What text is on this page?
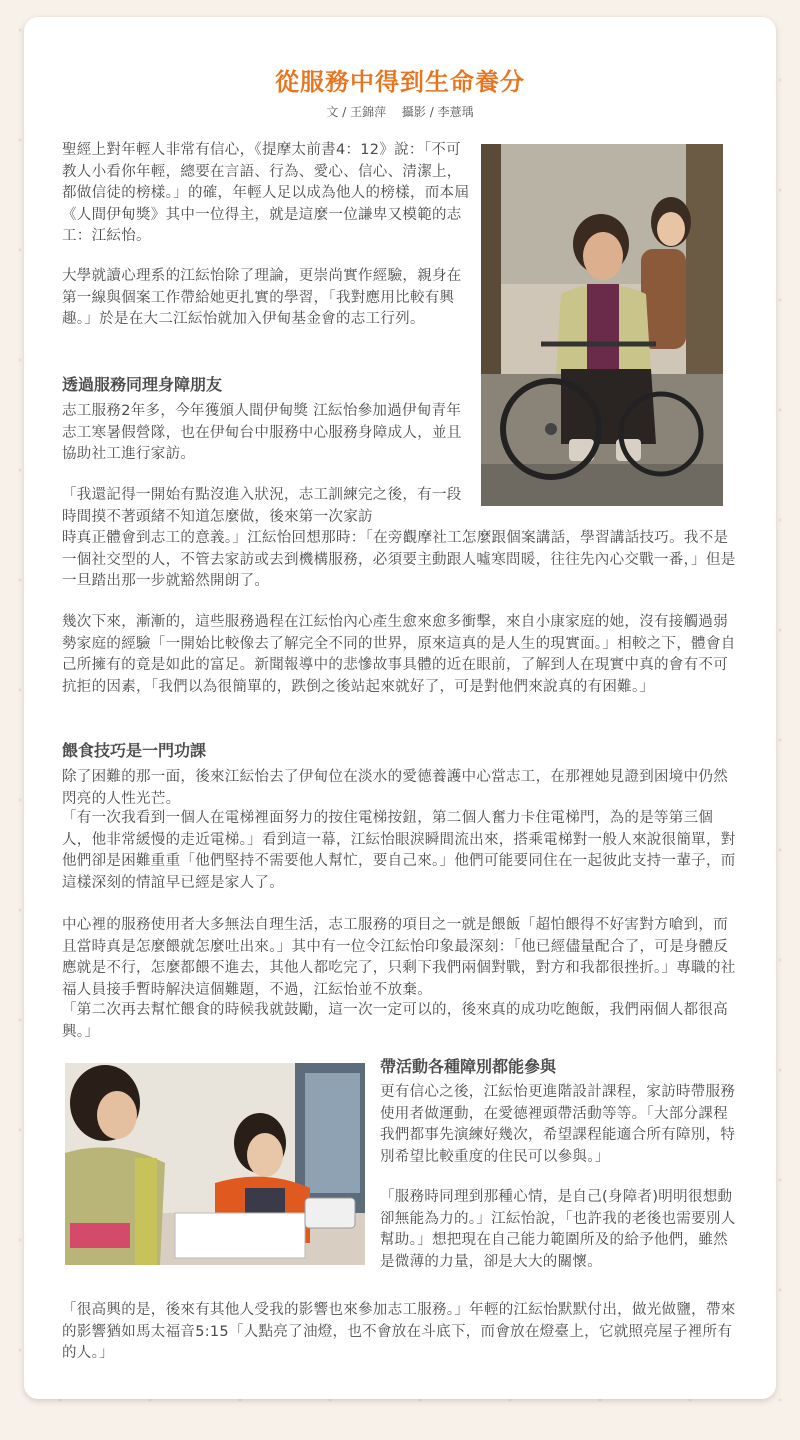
從服務中得到生命養分
文 / 王錦萍　 攝影 / 李薏瑀

聖經上對年輕人非常有信心，《提摩太前書4：12》說：「不可教人小看你年輕，總要在言語、行為、愛心、信心、清潔上，都做信徒的榜樣。」的確，年輕人足以成為他人的榜樣，而本屆《人間伊甸獎》其中一位得主，就是這麼一位謙卑又模範的志工：江紜怡。

大學就讀心理系的江紜怡除了理論，更崇尚實作經驗，親身在第一線與個案工作帶給她更扎實的學習，「我對應用比較有興趣。」於是在大二江紜怡就加入伊甸基金會的志工行列。

透過服務同理身障朋友

志工服務2年多，今年獲頒人間伊甸獎 江紜怡參加過伊甸青年志工寒暑假營隊，也在伊甸台中服務中心服務身障成人，並且協助社工進行家訪。

「我還記得一開始有點沒進入狀況，志工訓練完之後，有一段時間摸不著頭緒不知道怎麼做，後來第一次家訪

時真正體會到志工的意義。」江紜怡回想那時：「在旁觀摩社工怎麼跟個案講話，學習講話技巧。我不是一個社交型的人，不管去家訪或去到機構服務，必須要主動跟人噓寒問暖，往往先內心交戰一番，」但是一旦踏出那一步就豁然開朗了。

幾次下來，漸漸的，這些服務過程在江紜怡內心產生愈來愈多衝擊，來自小康家庭的她，沒有接觸過弱勢家庭的經驗「一開始比較像去了解完全不同的世界，原來這真的是人生的現實面。」相較之下，體會自己所擁有的竟是如此的富足。新聞報導中的悲慘故事具體的近在眼前，了解到人在現實中真的會有不可抗拒的因素，「我們以為很簡單的，跌倒之後站起來就好了，可是對他們來說真的有困難。」

餵食技巧是一門功課

除了困難的那一面，後來江紜怡去了伊甸位在淡水的愛德養護中心當志工，在那裡她見證到困境中仍然閃亮的人性光芒。

「有一次我看到一個人在電梯裡面努力的按住電梯按鈕，第二個人奮力卡住電梯門，為的是等第三個人，他非常緩慢的走近電梯。」看到這一幕，江紜怡眼淚瞬間流出來，搭乘電梯對一般人來說很簡單，對他們卻是困難重重「他們堅持不需要他人幫忙，要自己來。」他們可能要同住在一起彼此支持一輩子，而這樣深刻的情誼早已經是家人了。

中心裡的服務使用者大多無法自理生活，志工服務的項目之一就是餵飯「超怕餵得不好害對方嗆到，而且當時真是怎麼餵就怎麼吐出來。」其中有一位令江紜怡印象最深刻：「他已經儘量配合了，可是身體反應就是不行，怎麼都餵不進去，其他人都吃完了，只剩下我們兩個對戰，對方和我都很挫折。」專職的社福人員接手暫時解決這個難題，不過，江紜怡並不放棄。

「第二次再去幫忙餵食的時候我就鼓勵，這一次一定可以的，後來真的成功吃飽飯，我們兩個人都很高興。」

帶活動各種障別都能參與

更有信心之後，江紜怡更進階設計課程，家訪時帶服務使用者做運動，在愛德裡頭帶活動等等。「大部分課程我們都事先演練好幾次，希望課程能適合所有障別，特別希望比較重度的住民可以參與。」

「服務時同理到那種心情，是自己(身障者)明明很想動卻無能為力的。」江紜怡說，「也許我的老後也需要別人幫助。」想把現在自己能力範圍所及的給予他們，雖然是微薄的力量，卻是大大的關懷。

「很高興的是，後來有其他人受我的影響也來參加志工服務。」年輕的江紜怡默默付出，做光做鹽，帶來的影響猶如馬太福音5:15「人點亮了油燈，也不會放在斗底下，而會放在燈臺上，它就照亮屋子裡所有的人。」
